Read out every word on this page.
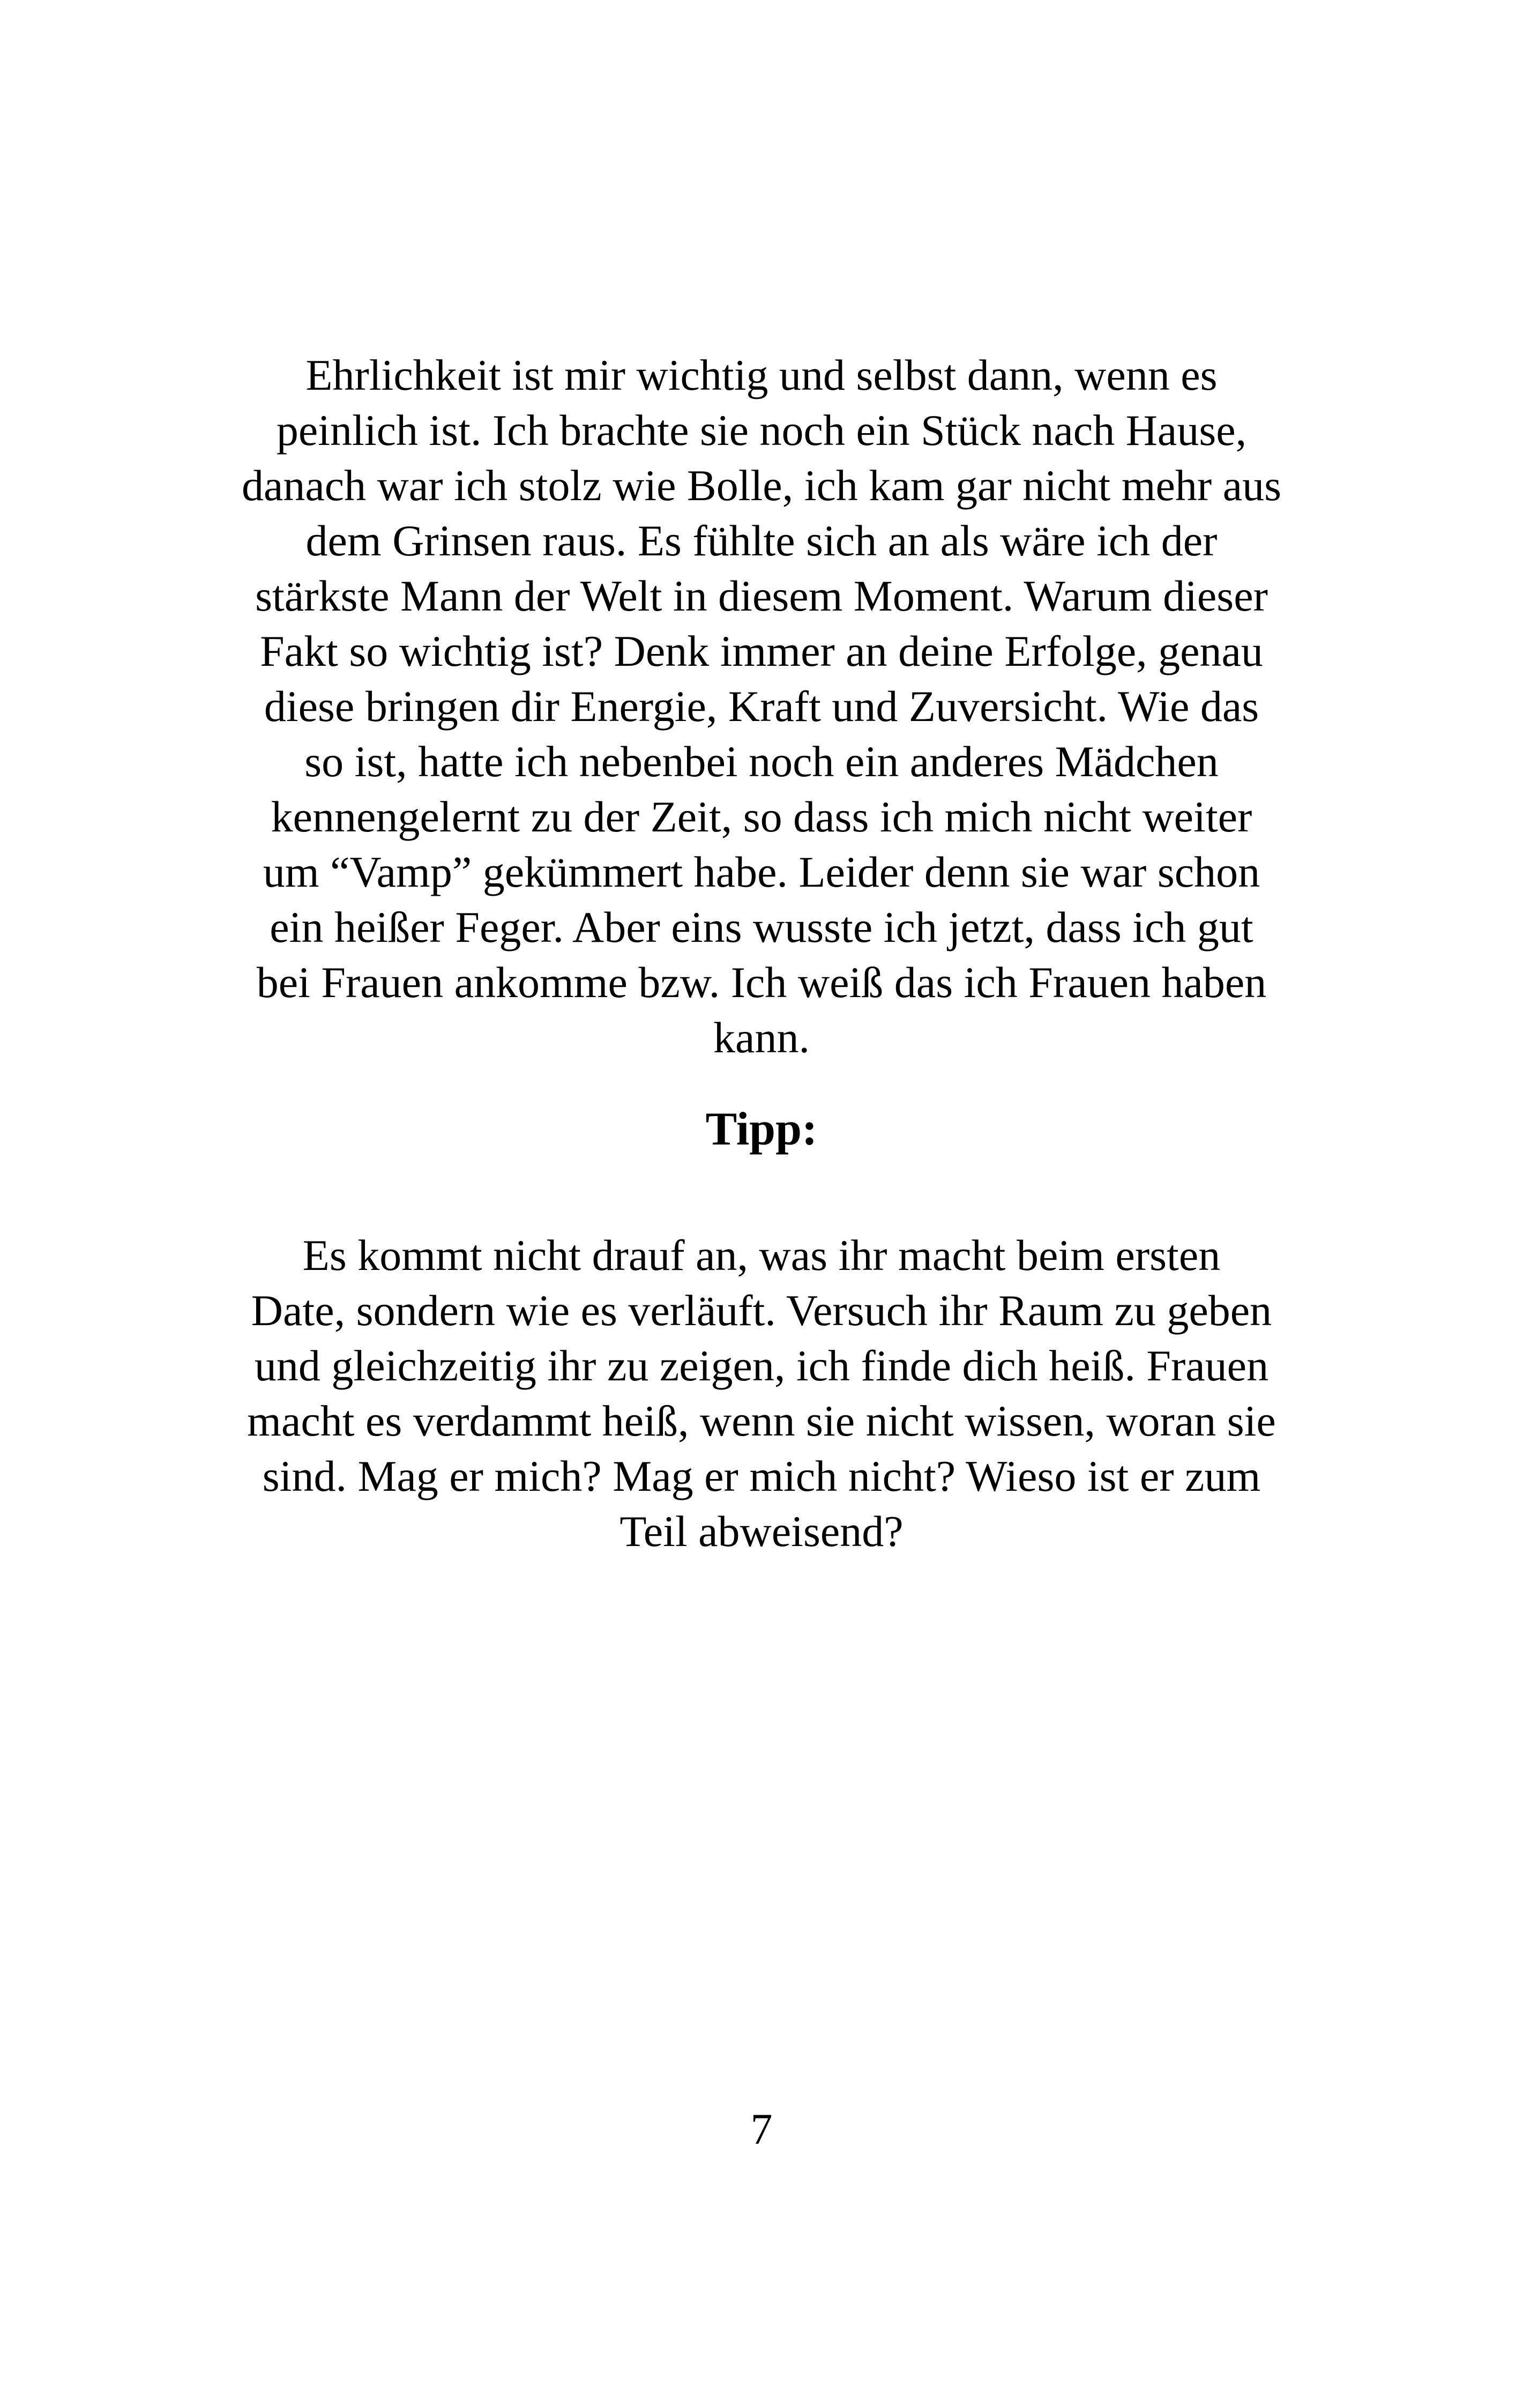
Ehrlichkeit ist mir wichtig und selbst dann, wenn es
peinlich ist. Ich brachte sie noch ein Stück nach Hause,
danach war ich stolz wie Bolle, ich kam gar nicht mehr aus
dem Grinsen raus. Es fühlte sich an als wäre ich der
stärkste Mann der Welt in diesem Moment. Warum dieser
Fakt so wichtig ist? Denk immer an deine Erfolge, genau
diese bringen dir Energie, Kraft und Zuversicht. Wie das
so ist, hatte ich nebenbei noch ein anderes Mädchen
kennengelernt zu der Zeit, so dass ich mich nicht weiter
um “Vamp” gekümmert habe. Leider denn sie war schon
ein heißer Feger. Aber eins wusste ich jetzt, dass ich gut
bei Frauen ankomme bzw. Ich weiß das ich Frauen haben
kann.
Tipp:
Es kommt nicht drauf an, was ihr macht beim ersten
Date, sondern wie es verläuft. Versuch ihr Raum zu geben
und gleichzeitig ihr zu zeigen, ich finde dich heiß. Frauen
macht es verdammt heiß, wenn sie nicht wissen, woran sie
sind. Mag er mich? Mag er mich nicht? Wieso ist er zum
Teil abweisend?
7
